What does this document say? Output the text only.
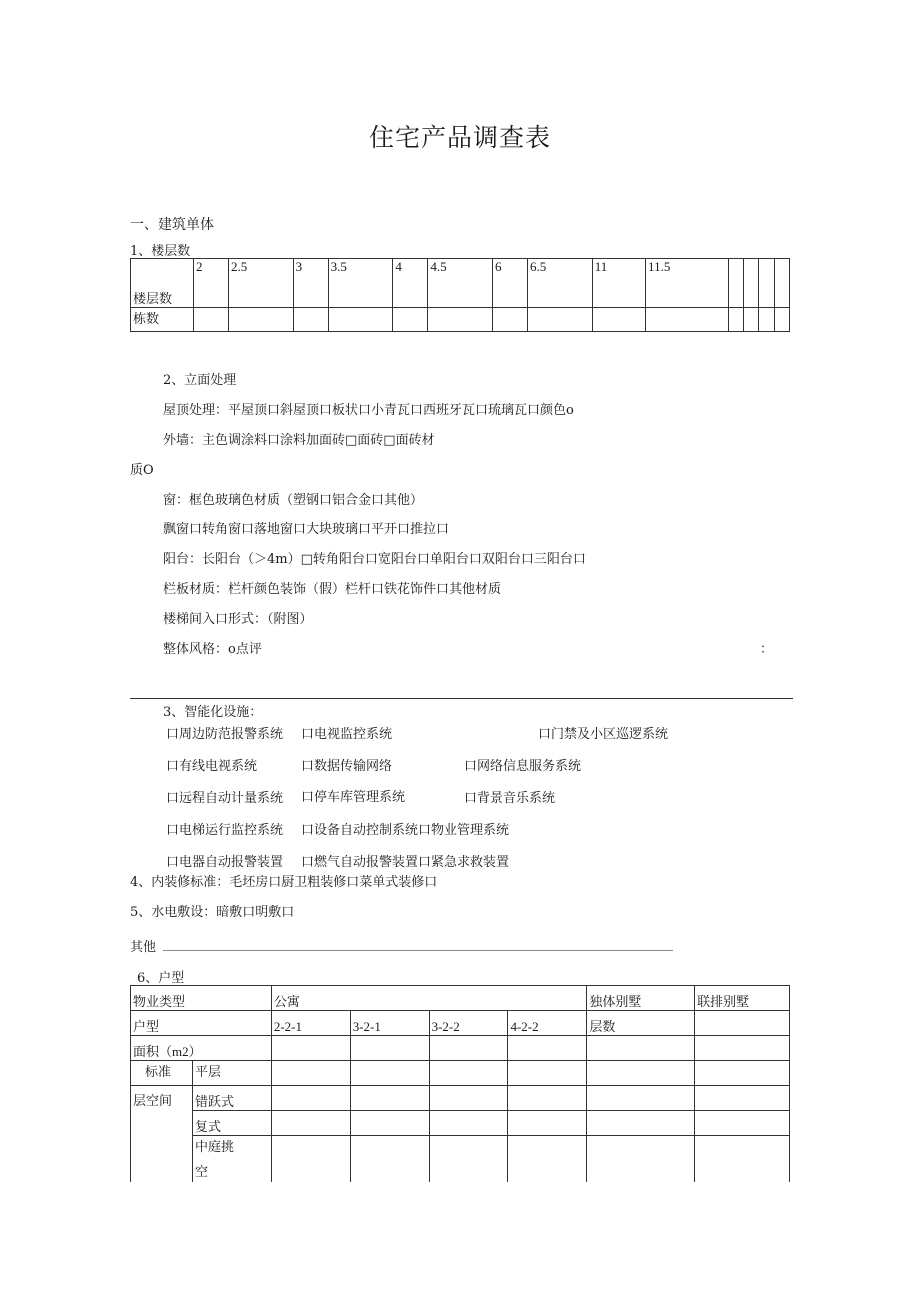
住宅产品调查表
一、建筑单体
1、楼层数
楼层数	2	2.5	3	3.5	4	4.5	6	6.5	11	11.5				
栋数														
2、立面处理
屋顶处理：平屋顶口斜屋顶口板状口小青瓦口西班牙瓦口琉璃瓦口颜色o
外墙：主色调涂料口涂料加面砖□面砖□面砖材
质O
窗：框色玻璃色材质（塑钢口铝合金口其他）
飘窗口转角窗口落地窗口大块玻璃口平开口推拉口
阳台：长阳台（＞4m）□转角阳台口宽阳台口单阳台口双阳台口三阳台口
栏板材质：栏杆颜色装饰（假）栏杆口铁花饰件口其他材质
楼梯间入口形式：（附图）
整体风格：o点评	：
3、智能化设施：
口周边防范报警系统 口电视监控系统	口门禁及小区巡逻系统
口有线电视系统	口数据传输网络	口网络信息服务系统
口远程自动计量系统 口停车库管理系统	口背景音乐系统
口电梯运行监控系统 口设备自动控制系统口物业管理系统
口电器自动报警装置 口燃气自动报警装置口紧急求救装置
4、内装修标准：毛坯房口厨卫粗装修口菜单式装修口
5、水电敷设：暗敷口明敷口
其他
6、户型
物业类型		公寓				独体别墅	联排别墅
户型		2-2-1	3-2-1	3-2-2	4-2-2	层数	
面积（m2）							
标准	平层						
层空间	错跃式						
	复式						

	中庭挑
空						
